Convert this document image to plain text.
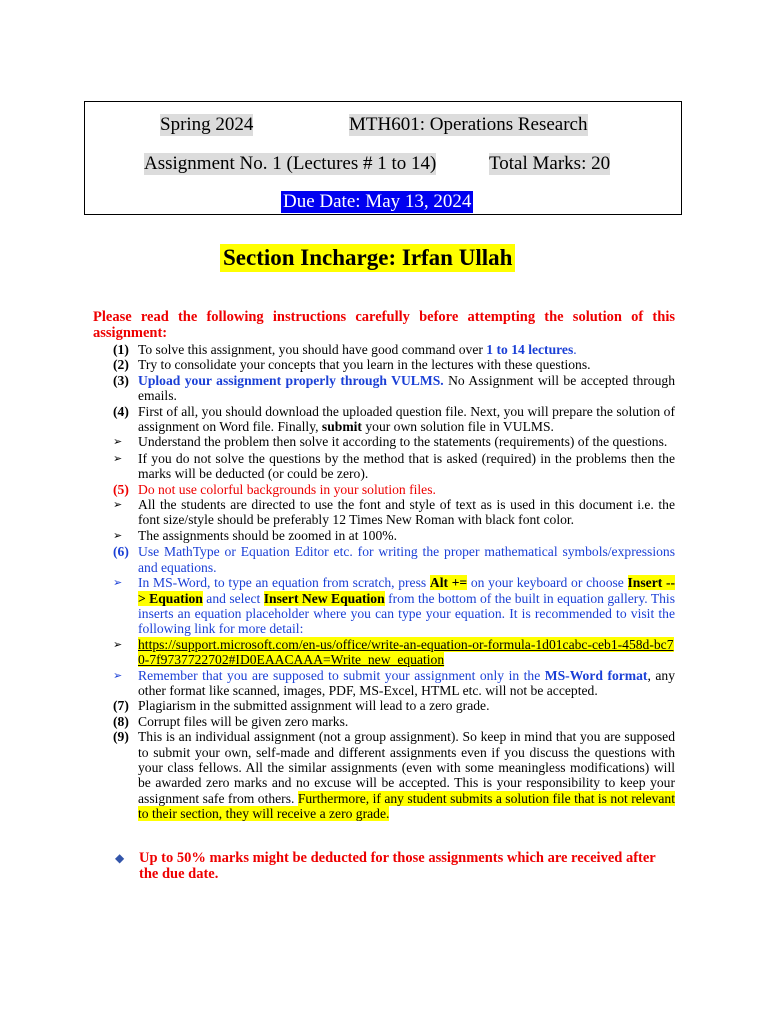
Spring 2024	MTH601: Operations Research
Assignment No. 1 (Lectures # 1 to 14)	Total Marks: 20
Due Date: May 13, 2024
Section Incharge: Irfan Ullah
Please read the following instructions carefully before attempting the solution of this assignment:
(1) To solve this assignment, you should have good command over 1 to 14 lectures.
(2) Try to consolidate your concepts that you learn in the lectures with these questions.
(3) Upload your assignment properly through VULMS. No Assignment will be accepted through emails.
(4) First of all, you should download the uploaded question file. Next, you will prepare the solution of assignment on Word file. Finally, submit your own solution file in VULMS.
➢	Understand the problem then solve it according to the statements (requirements) of the questions.
➢	If you do not solve the questions by the method that is asked (required) in the problems then the marks will be deducted (or could be zero).
(5) Do not use colorful backgrounds in your solution files.
➢	All the students are directed to use the font and style of text as is used in this document i.e. the font size/style should be preferably 12 Times New Roman with black font color.
➢	The assignments should be zoomed in at 100%.
(6) Use MathType or Equation Editor etc. for writing the proper mathematical symbols/expressions and equations.
➢	In MS-Word, to type an equation from scratch, press Alt += on your keyboard or choose Insert --> Equation and select Insert New Equation from the bottom of the built in equation gallery. This inserts an equation placeholder where you can type your equation. It is recommended to visit the following link for more detail:
➢	https://support.microsoft.com/en-us/office/write-an-equation-or-formula-1d01cabc-ceb1-458d-bc70-7f9737722702#ID0EAACAAA=Write_new_equation
➢	Remember that you are supposed to submit your assignment only in the MS-Word format, any other format like scanned, images, PDF, MS-Excel, HTML etc. will not be accepted.
(7) Plagiarism in the submitted assignment will lead to a zero grade.
(8) Corrupt files will be given zero marks.
(9) This is an individual assignment (not a group assignment). So keep in mind that you are supposed to submit your own, self-made and different assignments even if you discuss the questions with your class fellows. All the similar assignments (even with some meaningless modifications) will be awarded zero marks and no excuse will be accepted. This is your responsibility to keep your assignment safe from others. Furthermore, if any student submits a solution file that is not relevant to their section, they will receive a zero grade.
◆	Up to 50% marks might be deducted for those assignments which are received after the due date.
